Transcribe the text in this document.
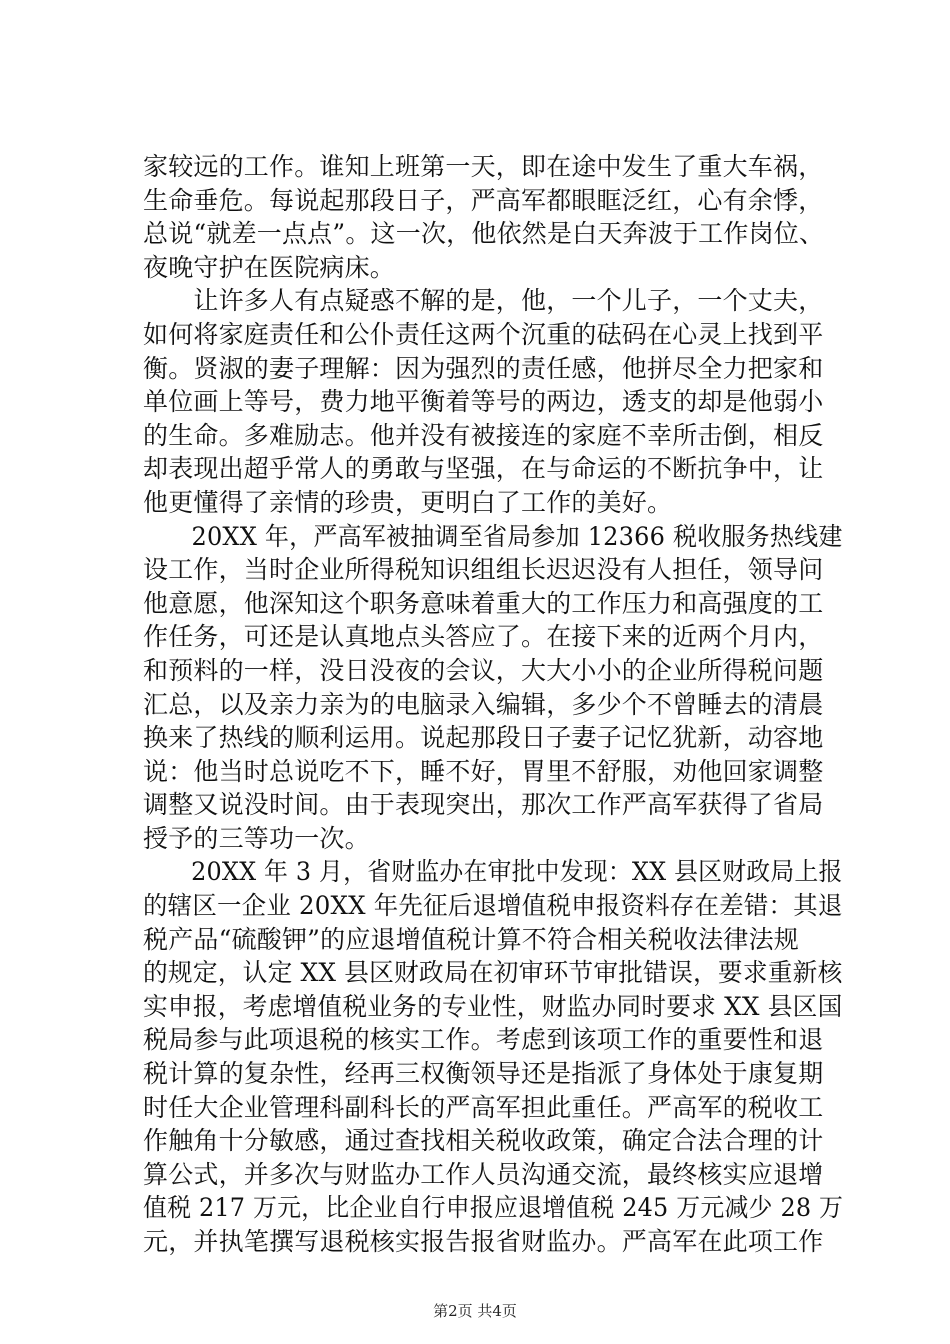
家较远的工作。谁知上班第一天，即在途中发生了重大车祸，
生命垂危。每说起那段日子，严高军都眼眶泛红，心有余悸，
总说“就差一点点”。这一次，他依然是白天奔波于工作岗位、
夜晚守护在医院病床。
　　让许多人有点疑惑不解的是，他，一个儿子，一个丈夫，
如何将家庭责任和公仆责任这两个沉重的砝码在心灵上找到平
衡。贤淑的妻子理解：因为强烈的责任感，他拼尽全力把家和
单位画上等号，费力地平衡着等号的两边，透支的却是他弱小
的生命。多难励志。他并没有被接连的家庭不幸所击倒，相反
却表现出超乎常人的勇敢与坚强，在与命运的不断抗争中，让
他更懂得了亲情的珍贵，更明白了工作的美好。
　　20XX 年，严高军被抽调至省局参加 12366 税收服务热线建
设工作，当时企业所得税知识组组长迟迟没有人担任，领导问
他意愿，他深知这个职务意味着重大的工作压力和高强度的工
作任务，可还是认真地点头答应了。在接下来的近两个月内，
和预料的一样，没日没夜的会议，大大小小的企业所得税问题
汇总，以及亲力亲为的电脑录入编辑，多少个不曾睡去的清晨
换来了热线的顺利运用。说起那段日子妻子记忆犹新，动容地
说：他当时总说吃不下，睡不好，胃里不舒服，劝他回家调整
调整又说没时间。由于表现突出，那次工作严高军获得了省局
授予的三等功一次。
　　20XX 年 3 月，省财监办在审批中发现：XX 县区财政局上报
的辖区一企业 20XX 年先征后退增值税申报资料存在差错：其退
税产品“硫酸钾”的应退增值税计算不符合相关税收法律法规
的规定，认定 XX 县区财政局在初审环节审批错误，要求重新核
实申报，考虑增值税业务的专业性，财监办同时要求 XX 县区国
税局参与此项退税的核实工作。考虑到该项工作的重要性和退
税计算的复杂性，经再三权衡领导还是指派了身体处于康复期
时任大企业管理科副科长的严高军担此重任。严高军的税收工
作触角十分敏感，通过查找相关税收政策，确定合法合理的计
算公式，并多次与财监办工作人员沟通交流，最终核实应退增
值税 217 万元，比企业自行申报应退增值税 245 万元减少 28 万
元，并执笔撰写退税核实报告报省财监办。严高军在此项工作
第2页 共4页
